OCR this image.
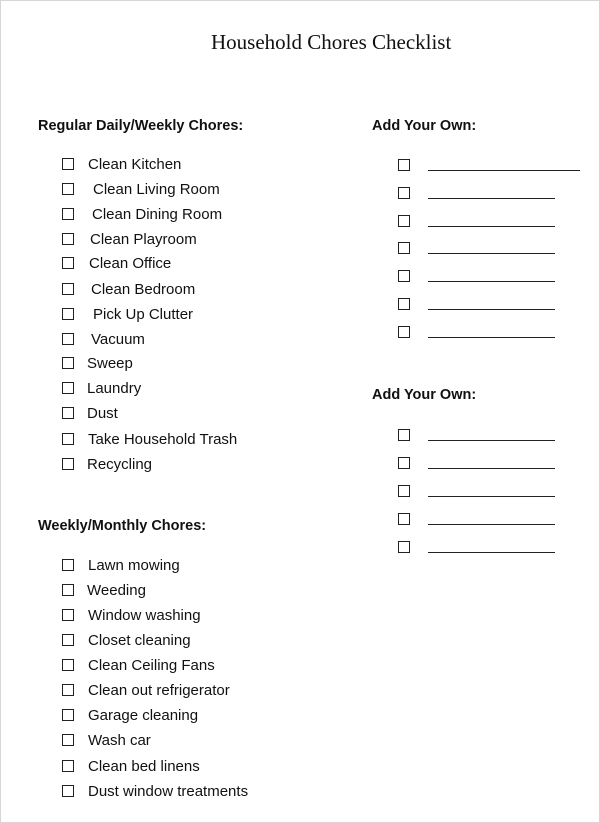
Household Chores Checklist
Regular Daily/Weekly Chores:
Clean Kitchen
Clean Living Room
Clean Dining Room
Clean Playroom
Clean Office
Clean Bedroom
Pick Up Clutter
Vacuum
Sweep
Laundry
Dust
Take Household Trash
Recycling
Weekly/Monthly Chores:
Lawn mowing
Weeding
Window washing
Closet cleaning
Clean Ceiling Fans
Clean out refrigerator
Garage cleaning
Wash car
Clean bed linens
Dust window treatments
Add Your Own:
Add Your Own:
